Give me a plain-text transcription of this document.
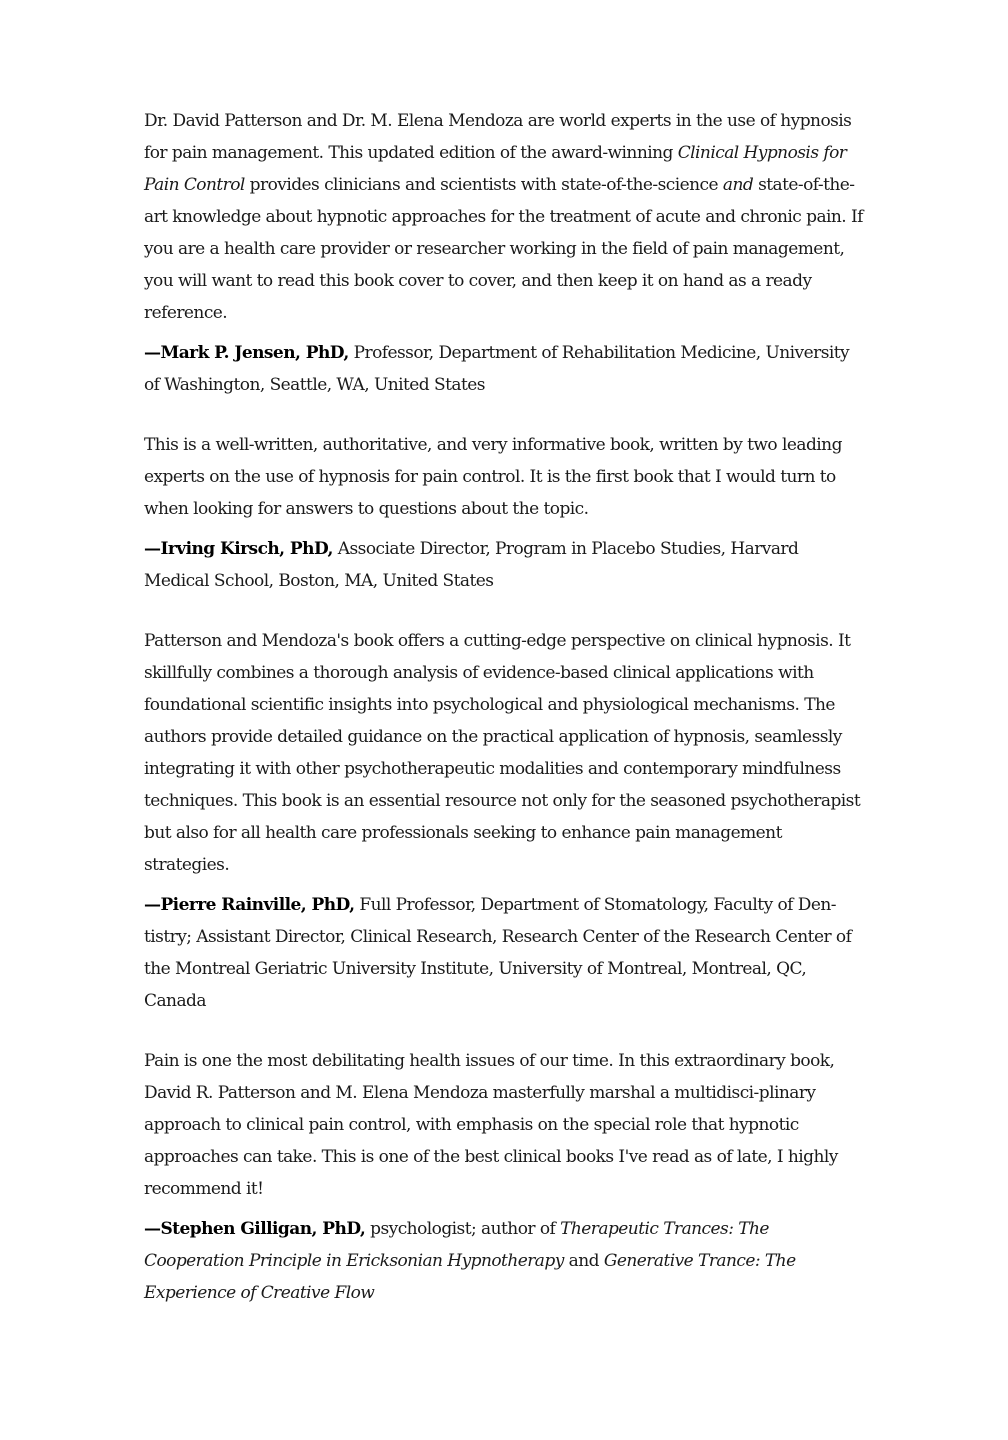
Dr. David Patterson and Dr. M. Elena Mendoza are world experts in the use of hypnosis for pain management. This updated edition of the award-winning Clinical Hypnosis for Pain Control provides clinicians and scientists with state-of-the-science and state-of-the-art knowledge about hypnotic approaches for the treatment of acute and chronic pain. If you are a health care provider or researcher working in the field of pain management, you will want to read this book cover to cover, and then keep it on hand as a ready reference.

—Mark P. Jensen, PhD, Professor, Department of Rehabilitation Medicine, University of Washington, Seattle, WA, United States

This is a well-written, authoritative, and very informative book, written by two leading experts on the use of hypnosis for pain control. It is the first book that I would turn to when looking for answers to questions about the topic.

—Irving Kirsch, PhD, Associate Director, Program in Placebo Studies, Harvard Medical School, Boston, MA, United States

Patterson and Mendoza's book offers a cutting-edge perspective on clinical hypnosis. It skillfully combines a thorough analysis of evidence-based clinical applications with foundational scientific insights into psychological and physiological mechanisms. The authors provide detailed guidance on the practical application of hypnosis, seamlessly integrating it with other psychotherapeutic modalities and contemporary mindfulness techniques. This book is an essential resource not only for the seasoned psychotherapist but also for all health care professionals seeking to enhance pain management strategies.

—Pierre Rainville, PhD, Full Professor, Department of Stomatology, Faculty of Den-tistry; Assistant Director, Clinical Research, Research Center of the Research Center of the Montreal Geriatric University Institute, University of Montreal, Montreal, QC, Canada

Pain is one the most debilitating health issues of our time. In this extraordinary book, David R. Patterson and M. Elena Mendoza masterfully marshal a multidisci-plinary approach to clinical pain control, with emphasis on the special role that hypnotic approaches can take. This is one of the best clinical books I've read as of late, I highly recommend it!

—Stephen Gilligan, PhD, psychologist; author of Therapeutic Trances: The Cooperation Principle in Ericksonian Hypnotherapy and Generative Trance: The Experience of Creative Flow
